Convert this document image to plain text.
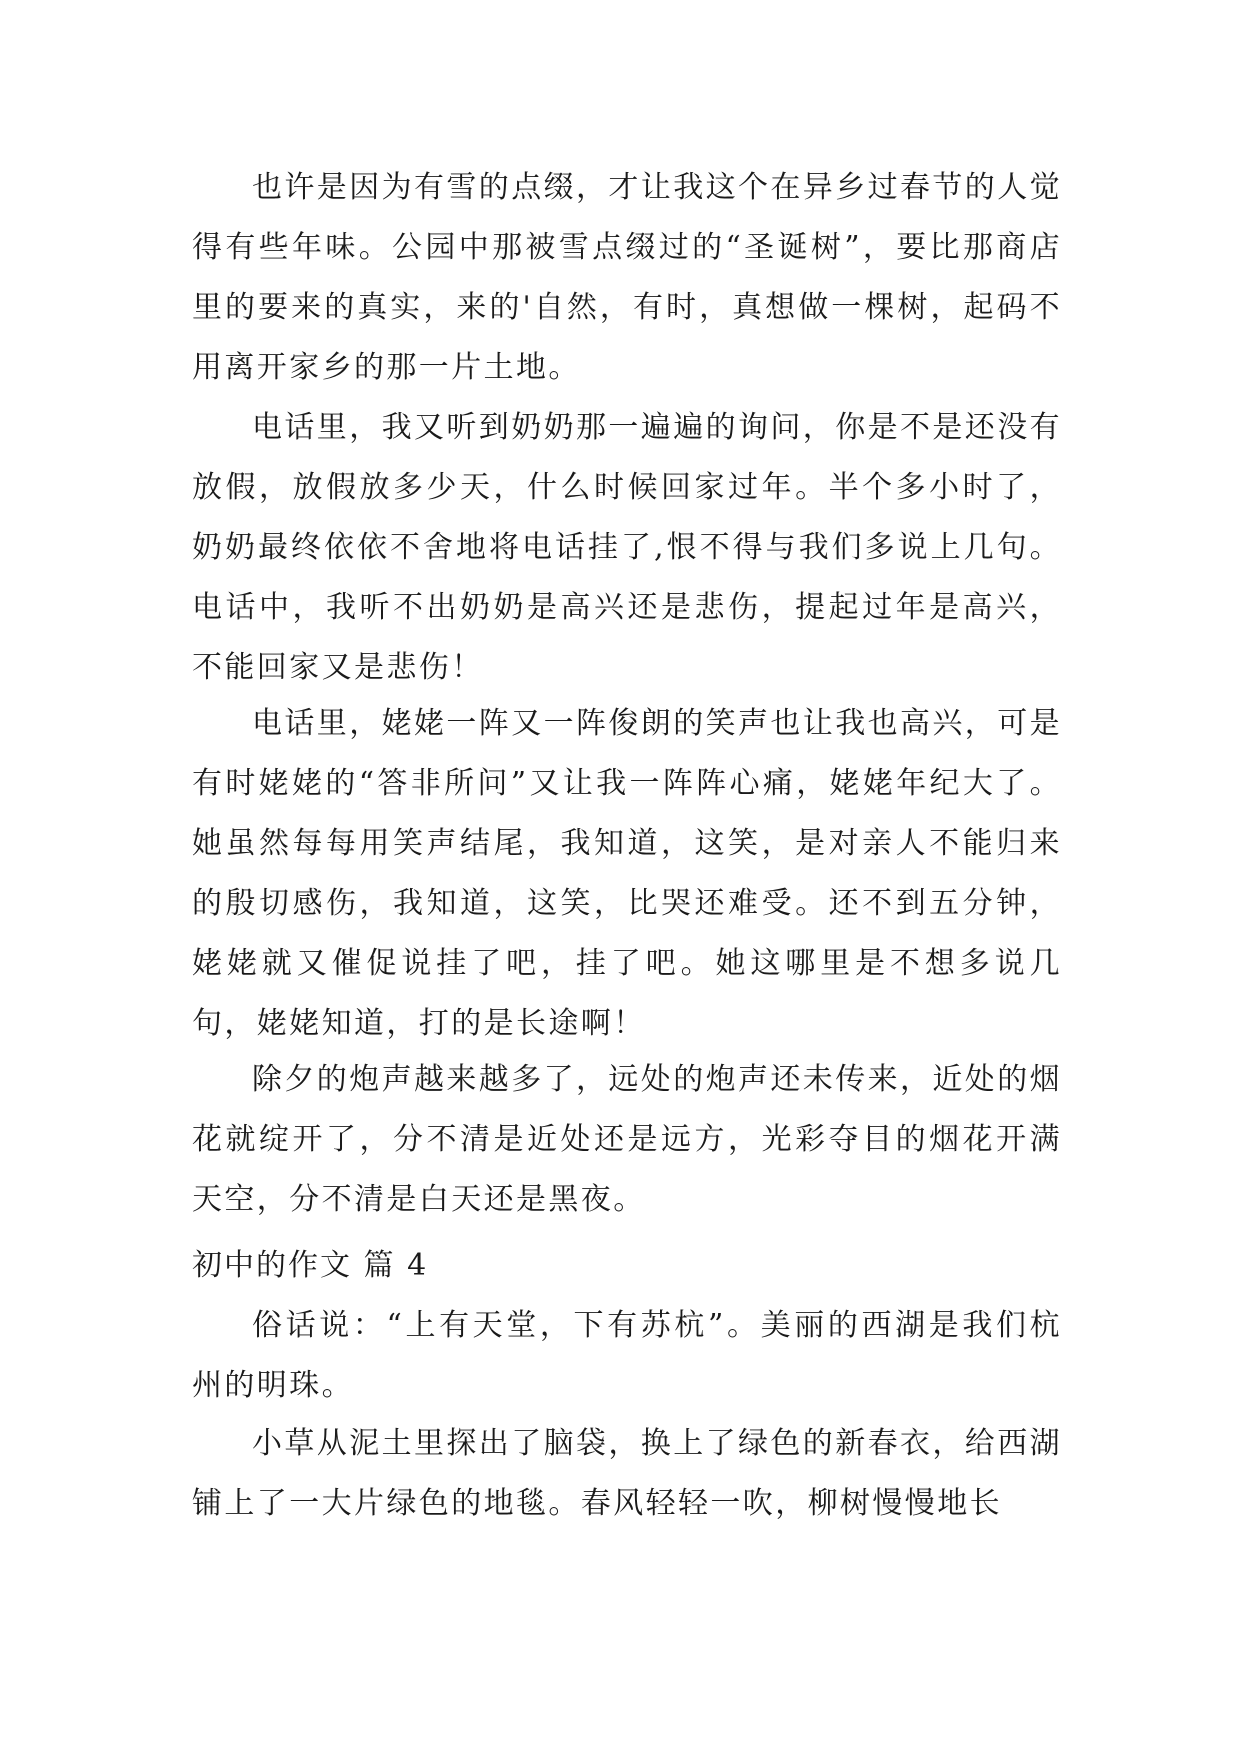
也许是因为有雪的点缀，才让我这个在异乡过春节的人觉得有些年味。公园中那被雪点缀过的“圣诞树”，要比那商店里的要来的真实，来的'自然，有时，真想做一棵树，起码不用离开家乡的那一片土地。

电话里，我又听到奶奶那一遍遍的询问，你是不是还没有放假，放假放多少天，什么时候回家过年。半个多小时了，奶奶最终依依不舍地将电话挂了,恨不得与我们多说上几句。电话中，我听不出奶奶是高兴还是悲伤，提起过年是高兴，不能回家又是悲伤！

电话里，姥姥一阵又一阵俊朗的笑声也让我也高兴，可是有时姥姥的“答非所问”又让我一阵阵心痛，姥姥年纪大了。她虽然每每用笑声结尾，我知道，这笑，是对亲人不能归来的殷切感伤，我知道，这笑，比哭还难受。还不到五分钟，姥姥就又催促说挂了吧，挂了吧。她这哪里是不想多说几句，姥姥知道，打的是长途啊！

除夕的炮声越来越多了，远处的炮声还未传来，近处的烟花就绽开了，分不清是近处还是远方，光彩夺目的烟花开满天空，分不清是白天还是黑夜。

初中的作文 篇 4

俗话说：“上有天堂，下有苏杭”。美丽的西湖是我们杭州的明珠。

小草从泥土里探出了脑袋，换上了绿色的新春衣，给西湖铺上了一大片绿色的地毯。春风轻轻一吹，柳树慢慢地长
